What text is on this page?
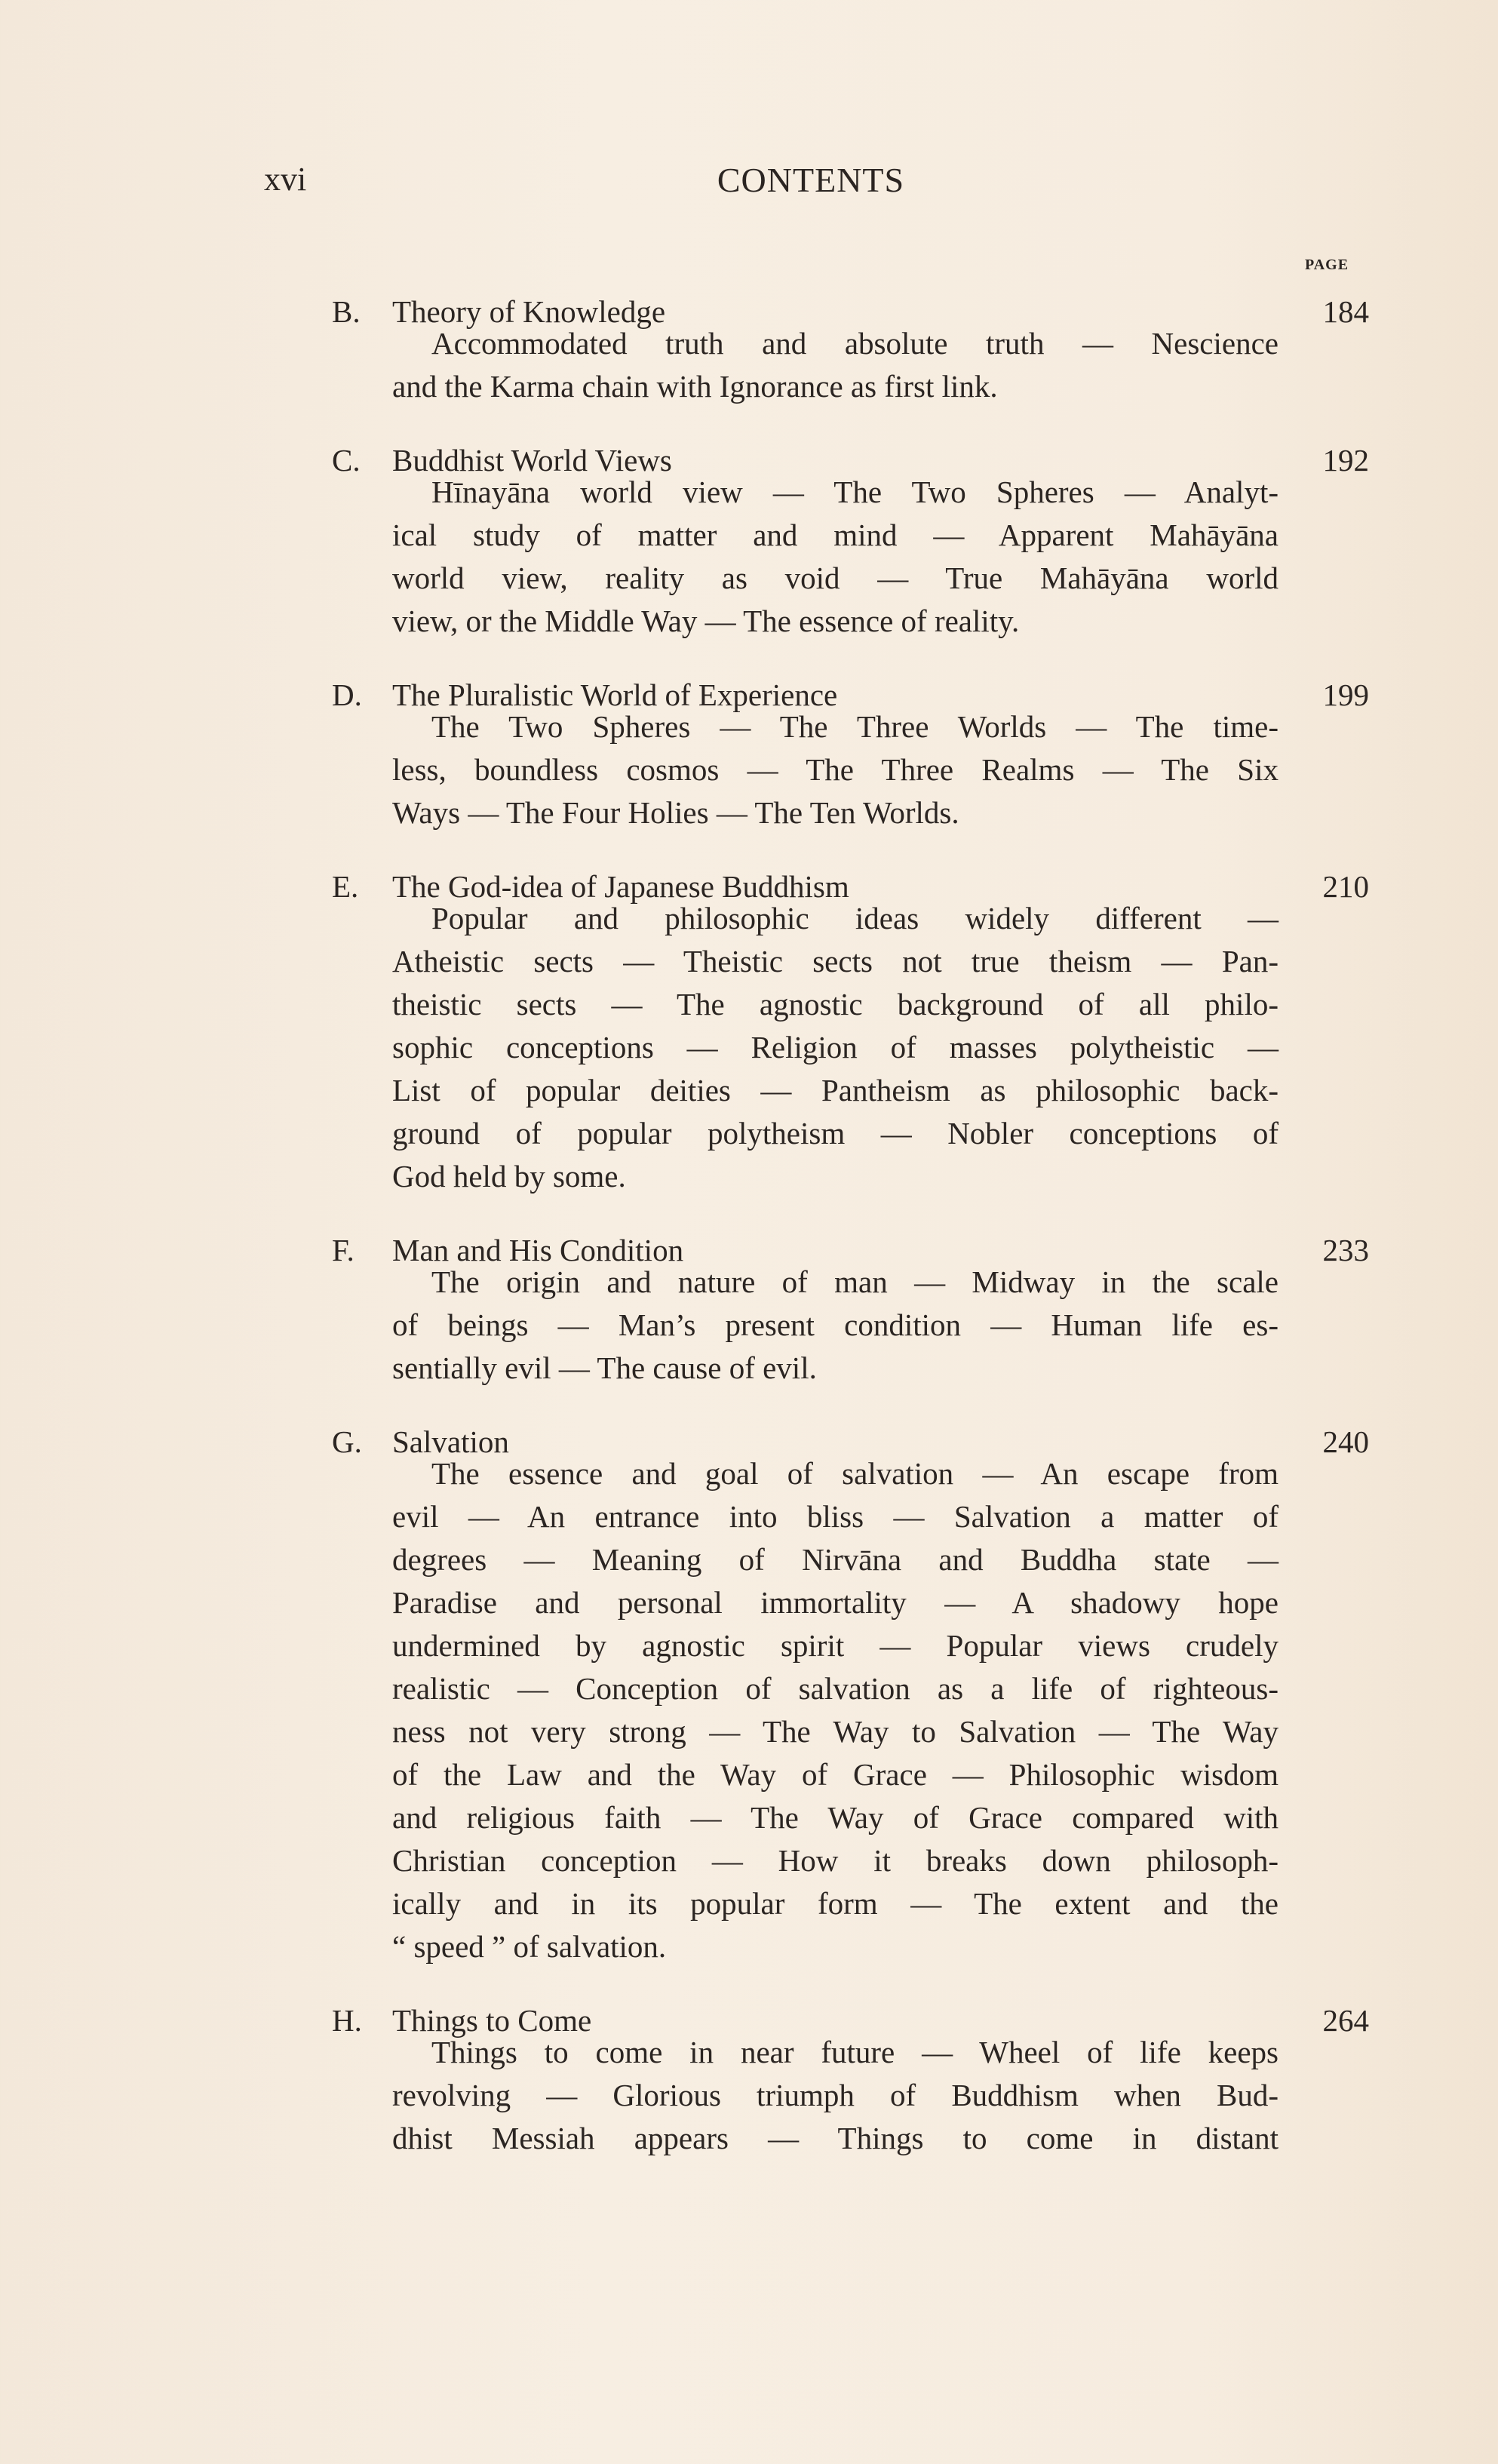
xvi	CONTENTS
PAGE
B.	Theory of Knowledge	184
Accommodated truth and absolute truth — Nescience
and the Karma chain with Ignorance as first link.
C.	Buddhist World Views	192
Hīnayāna world view — The Two Spheres — Analyt-
ical study of matter and mind — Apparent Mahāyāna
world view, reality as void — True Mahāyāna world
view, or the Middle Way — The essence of reality.
D. The Pluralistic World of Experience	199
The Two Spheres — The Three Worlds — The time-
less, boundless cosmos — The Three Realms — The Six
Ways — The Four Holies — The Ten Worlds.
E.	The God-idea of Japanese Buddhism	210
Popular and philosophic ideas widely different —
Atheistic sects — Theistic sects not true theism — Pan-
theistic sects — The agnostic background of all philo-
sophic conceptions — Religion of masses polytheistic —
List of popular deities — Pantheism as philosophic back-
ground of popular polytheism — Nobler conceptions of
God held by some.
F.	Man and His Condition	233
The origin and nature of man — Midway in the scale
of beings — Man’s present condition — Human life es-
sentially evil — The cause of evil.
G. Salvation	240
The essence and goal of salvation — An escape from
evil — An entrance into bliss — Salvation a matter of
degrees — Meaning of Nirvāna and Buddha state —
Paradise and personal immortality — A shadowy hope
undermined by agnostic spirit — Popular views crudely
realistic — Conception of salvation as a life of righteous-
ness not very strong — The Way to Salvation — The Way
of the Law and the Way of Grace — Philosophic wisdom
and religious faith — The Way of Grace compared with
Christian conception — How it breaks down philosoph-
ically and in its popular form — The extent and the
“ speed ” of salvation.
H. Things to Come	264
Things to come in near future — Wheel of life keeps
revolving — Glorious triumph of Buddhism when Bud-
dhist Messiah appears — Things to come in distant
